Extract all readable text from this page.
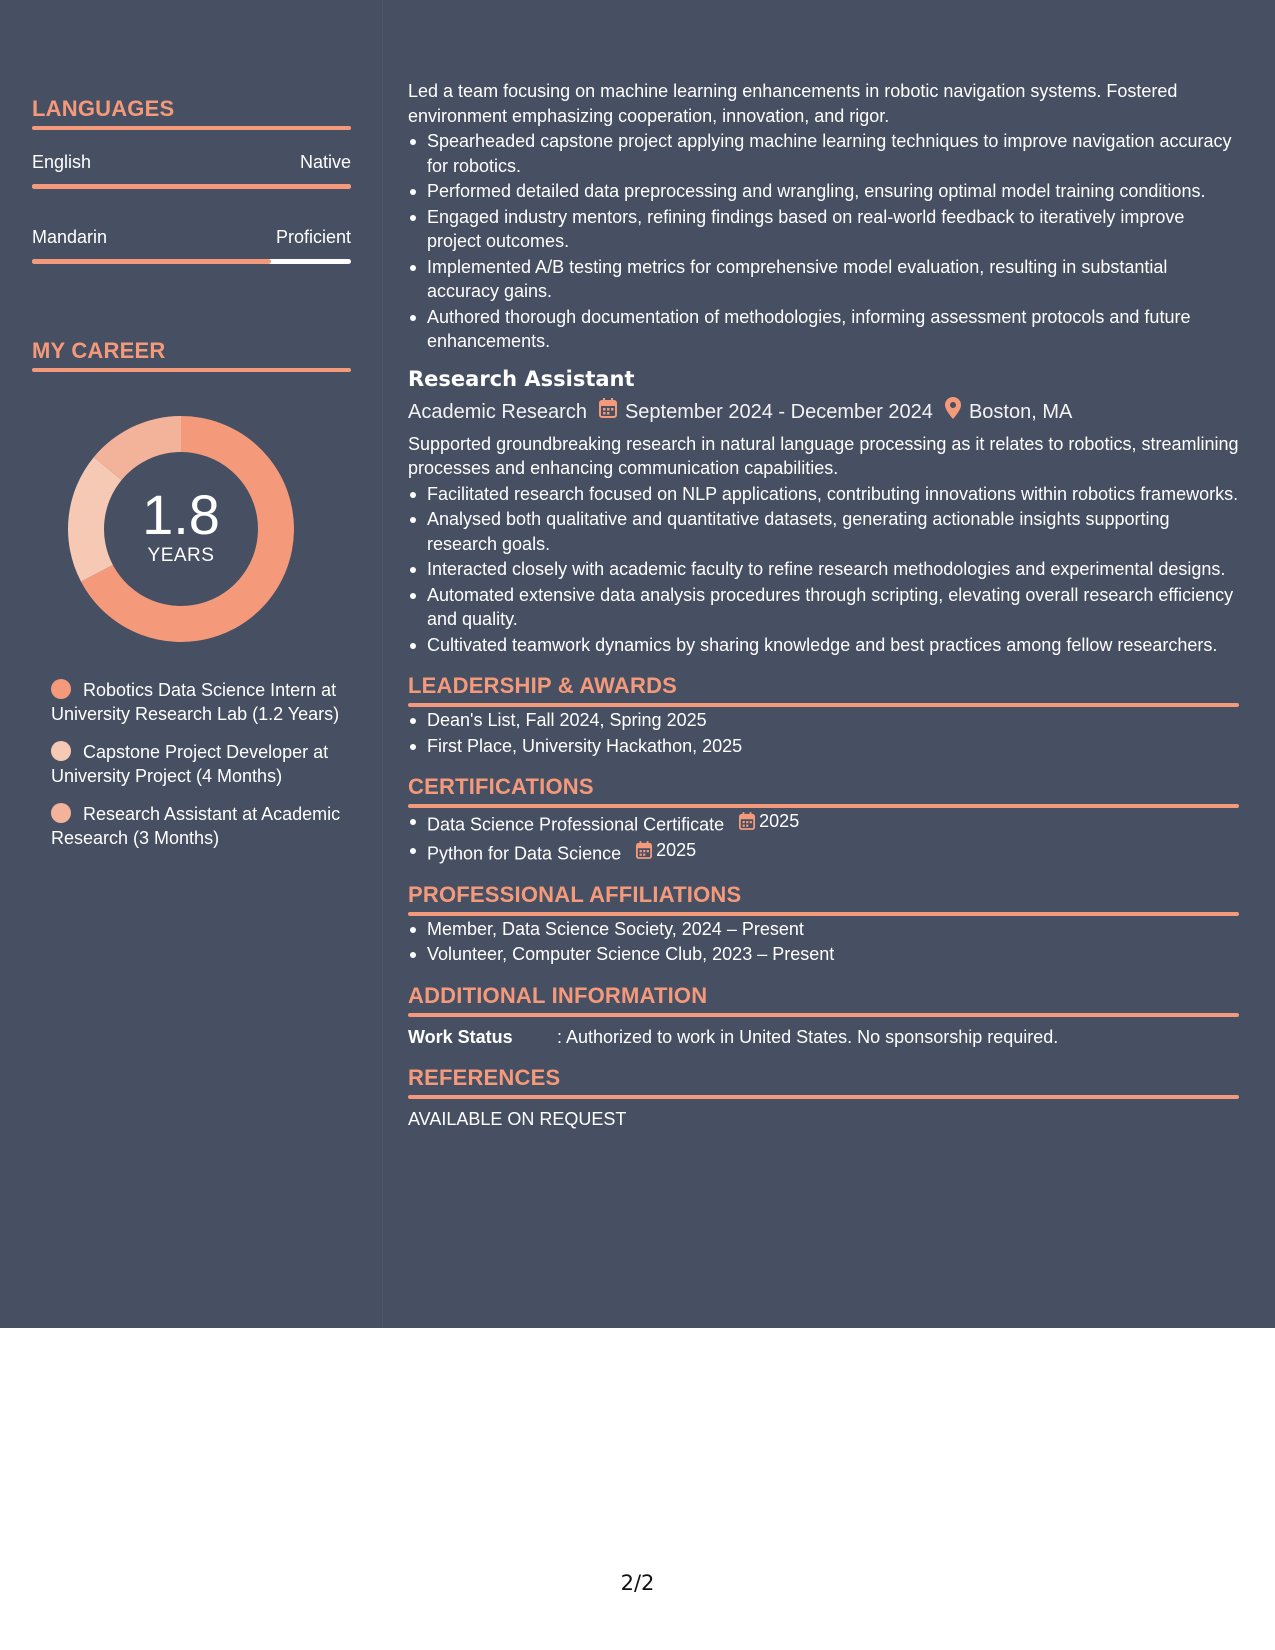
LANGUAGES
English	Native
Mandarin	Proficient
MY CAREER
1.8
YEARS
Robotics Data Science Intern at University Research Lab (1.2 Years)
Capstone Project Developer at University Project (4 Months)
Research Assistant at Academic Research (3 Months)
Led a team focusing on machine learning enhancements in robotic navigation systems. Fostered environment emphasizing cooperation, innovation, and rigor.
Spearheaded capstone project applying machine learning techniques to improve navigation accuracy for robotics.
Performed detailed data preprocessing and wrangling, ensuring optimal model training conditions.
Engaged industry mentors, refining findings based on real-world feedback to iteratively improve project outcomes.
Implemented A/B testing metrics for comprehensive model evaluation, resulting in substantial accuracy gains.
Authored thorough documentation of methodologies, informing assessment protocols and future enhancements.
Research Assistant
Academic Research September 2024 - December 2024 Boston, MA
Supported groundbreaking research in natural language processing as it relates to robotics, streamlining processes and enhancing communication capabilities.
Facilitated research focused on NLP applications, contributing innovations within robotics frameworks.
Analysed both qualitative and quantitative datasets, generating actionable insights supporting research goals.
Interacted closely with academic faculty to refine research methodologies and experimental designs.
Automated extensive data analysis procedures through scripting, elevating overall research efficiency and quality.
Cultivated teamwork dynamics by sharing knowledge and best practices among fellow researchers.
LEADERSHIP & AWARDS
Dean's List, Fall 2024, Spring 2025
First Place, University Hackathon, 2025
CERTIFICATIONS
Data Science Professional Certificate 2025
Python for Data Science 2025
PROFESSIONAL AFFILIATIONS
Member, Data Science Society, 2024 – Present
Volunteer, Computer Science Club, 2023 – Present
ADDITIONAL INFORMATION
Work Status	: Authorized to work in United States. No sponsorship required.
REFERENCES
AVAILABLE ON REQUEST
2/2
